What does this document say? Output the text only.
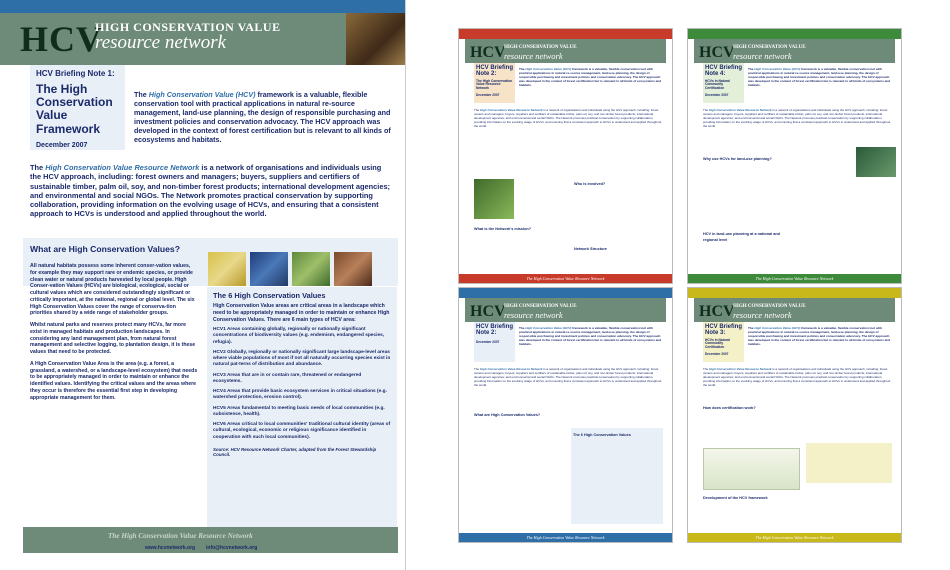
HCV
HIGH CONSERVATION VALUE
resource network
HCV Briefing Note 1:
The High Conservation Value Framework
December 2007
The High Conservation Value (HCV) framework is a valuable, flexible conservation tool with practical applications in natural re-source management, land-use planning, the design of responsible purchasing and investment policies and conservation advocacy. The HCV approach was developed in the context of forest certification but is relevant to all kinds of ecosystems and habitats.
The High Conservation Value Resource Network is a network of organisations and individuals using the HCV approach, including: forest owners and managers; buyers, suppliers and certifiers of sustainable timber, palm oil, soy, and non-timber forest products; international development agencies; and environmental and social NGOs. The Network promotes practical conservation by supporting collaboration, providing information on the evolving usage of HCVs, and ensuring that a consistent approach to HCVs is understood and applied throughout the world.
What are High Conservation Values?

All natural habitats possess some inherent conser-vation values, for example they may support rare or endemic species, or provide clean water or natural products harvested by local people. High Conser-vation Values (HCVs) are biological, ecological, social or cultural values which are considered outstandingly significant or critically important, at the national, regional or global level. The six High Conservation Values cover the range of conserva-tion priorities shared by a wide range of stakeholder groups.

Whilst natural parks and reserves protect many HCVs, far more exist in managed habitats and production landscapes. In considering any land management plan, from natural forest management and selective logging, to plantation design, it is these values that need to be protected.

A High Conservation Value Area is the area (e.g. a forest, a grassland, a watershed, or a landscape-level ecosystem) that needs to be appropriately managed in order to maintain or enhance the identified values. Identifying the critical values and the areas where they occur is therefore the essential first step in developing appropriate management for them.

The 6 High Conservation Values
High Conservation Value areas are critical areas in a landscape which need to be appropriately managed in order to maintain or enhance High Conservation Values. There are 6 main types of HCV area:
HCV1 Areas containing globally, regionally or nationally significant concentrations of biodiversity values (e.g. endemism, endangered species, refugia).
HCV2 Globally, regionally or nationally significant large landscape-level areas where viable populations of most if not all naturally occurring species exist in natural pat-terns of distribution and abundance.
HCV3 Areas that are in or contain rare, threatened or endangered ecosystems.
HCV4 Areas that provide basic ecosystem services in critical situations (e.g. watershed protection, erosion control).
HCV5 Areas fundamental to meeting basic needs of local communities (e.g. subsistence, health).
HCV6 Areas critical to local communities' traditional cultural identity (areas of cultural, ecological, economic or religious significance identified in cooperation with such local communities).
Source: HCV Resource Network Charter, adapted from the Forest Stewardship Council.
The High Conservation Value Resource Network
www.hcvnetwork.org info@hcvnetwork.org
HCV
HIGH CONSERVATION VALUE
resource network
HCV Briefing Note 2:
The High Conservation Value Resource Network
December 2007
The High Conservation Value (HCV) framework is a valuable, flexible conservation tool with practical applications in natural re-source management, land-use planning, the design of responsible purchasing and investment policies and conservation advocacy. The HCV approach was developed in the context of forest certification but is relevant to all kinds of ecosystems and habitats.
The High Conservation Value Resource Network is a network of organisations and individuals using the HCV approach, including: forest owners and managers; buyers, suppliers and certifiers of sustainable timber, palm oil, soy, and non-timber forest products; international development agencies; and environmental and social NGOs. The Network promotes practical conservation by supporting collaboration, providing information on the evolving usage of HCVs, and ensuring that a consistent approach to HCVs is understood and applied throughout the world.
What is the Network's mission?
Who is involved?
Network Structure
The High Conservation Value Resource Network
HCV
HIGH CONSERVATION VALUE
resource network
HCV Briefing Note 4:
HCVs in Natural Community Certification
December 2007
The High Conservation Value (HCV) framework is a valuable, flexible conservation tool with practical applications in natural re-source management, land-use planning, the design of responsible purchasing and investment policies and conservation advocacy. The HCV approach was developed in the context of forest certification but is relevant to all kinds of ecosystems and habitats.
The High Conservation Value Resource Network is a network of organisations and individuals using the HCV approach, including: forest owners and managers; buyers, suppliers and certifiers of sustainable timber, palm oil, soy, and non-timber forest products; international development agencies; and environmental and social NGOs. The Network promotes practical conservation by supporting collaboration, providing information on the evolving usage of HCVs, and ensuring that a consistent approach to HCVs is understood and applied throughout the world.
Why use HCVs for land-use planning?
HCV in land-use planning at a national and regional level
The High Conservation Value Resource Network
HCV
HIGH CONSERVATION VALUE
resource network
HCV Briefing Note 2:
December 2007
The High Conservation Value (HCV) framework is a valuable, flexible conservation tool with practical applications in natural re-source management, land-use planning, the design of responsible purchasing and investment policies and conservation advocacy. The HCV approach was developed in the context of forest certification but is relevant to all kinds of ecosystems and habitats.
The High Conservation Value Resource Network is a network of organisations and individuals using the HCV approach, including: forest owners and managers; buyers, suppliers and certifiers of sustainable timber, palm oil, soy, and non-timber forest products; international development agencies; and environmental and social NGOs. The Network promotes practical conservation by supporting collaboration, providing information on the evolving usage of HCVs, and ensuring that a consistent approach to HCVs is understood and applied throughout the world.
What are High Conservation Values?
The 6 High Conservation Values
The High Conservation Value Resource Network
HCV
HIGH CONSERVATION VALUE
resource network
HCV Briefing Note 3:
HCVs in Natural Commodity Certification
December 2007
The High Conservation Value (HCV) framework is a valuable, flexible conservation tool with practical applications in natural re-source management, land-use planning, the design of responsible purchasing and investment policies and conservation advocacy. The HCV approach was developed in the context of forest certification but is relevant to all kinds of ecosystems and habitats.
The High Conservation Value Resource Network is a network of organisations and individuals using the HCV approach, including: forest owners and managers; buyers, suppliers and certifiers of sustainable timber, palm oil, soy, and non-timber forest products; international development agencies; and environmental and social NGOs. The Network promotes practical conservation by supporting collaboration, providing information on the evolving usage of HCVs, and ensuring that a consistent approach to HCVs is understood and applied throughout the world.
How does certification work?
Development of the HCV framework
The High Conservation Value Resource Network
